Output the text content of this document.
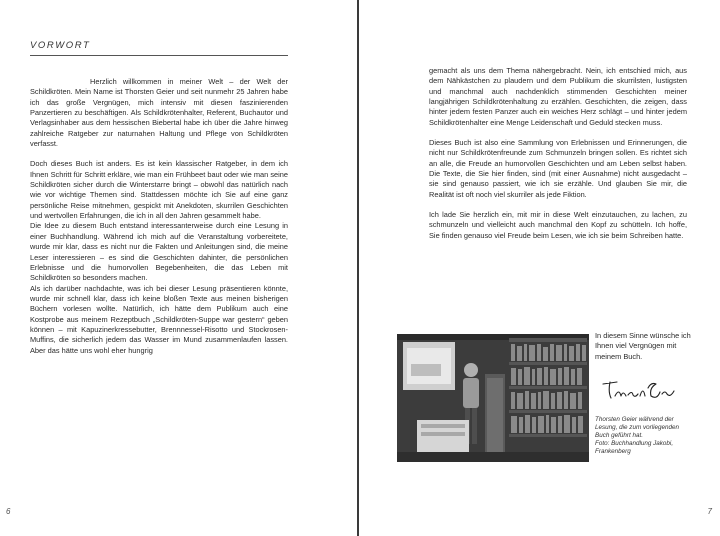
VORWORT

Herzlich willkommen in meiner Welt – der Welt der Schildkröten. Mein Name ist Thorsten Geier und seit nunmehr 25 Jahren habe ich das große Vergnügen, mich intensiv mit diesen faszinierenden Panzertieren zu beschäftigen. Als Schildkrötenhalter, Referent, Buchautor und Verlagsinhaber aus dem hessischen Biebertal habe ich über die Jahre hinweg zahlreiche Ratgeber zur naturnahen Haltung und Pflege von Schildkröten verfasst.

Doch dieses Buch ist anders. Es ist kein klassischer Ratgeber, in dem ich Ihnen Schritt für Schritt erkläre, wie man ein Frühbeet baut oder wie man seine Schildkröten sicher durch die Winterstarre bringt – obwohl das natürlich nach wie vor wichtige Themen sind. Stattdessen möchte ich Sie auf eine ganz persönliche Reise mitnehmen, gespickt mit Anekdoten, skurrilen Geschichten und wertvollen Erfahrungen, die ich in all den Jahren gesammelt habe.

Die Idee zu diesem Buch entstand interessanterweise durch eine Lesung in einer Buchhandlung. Während ich mich auf die Veranstaltung vorbereitete, wurde mir klar, dass es nicht nur die Fakten und Anleitungen sind, die meine Leser interessieren – es sind die Geschichten dahinter, die persönlichen Erlebnisse und die humorvollen Begebenheiten, die das Leben mit Schildkröten so besonders machen.

Als ich darüber nachdachte, was ich bei dieser Lesung präsentieren könnte, wurde mir schnell klar, dass ich keine bloßen Texte aus meinen bisherigen Büchern vorlesen wollte. Natürlich, ich hätte dem Publikum auch eine Kostprobe aus meinem Rezeptbuch „Schildkröten-Suppe war gestern“ geben können – mit Kapuzinerkressebutter, Brennnessel-Risotto und Stockrosen-Muffins, die sicherlich jedem das Wasser im Mund zusammenlaufen lassen. Aber das hätte uns wohl eher hungrig

6

gemacht als uns dem Thema nähergebracht. Nein, ich entschied mich, aus dem Nähkästchen zu plaudern und dem Publikum die skurrilsten, lustigsten und manchmal auch nachdenklich stimmenden Geschichten meiner langjährigen Schildkrötenhaltung zu erzählen. Geschichten, die zeigen, dass hinter jedem festen Panzer auch ein weiches Herz schlägt – und hinter jedem Schildkrötenhalter eine Menge Leidenschaft und Geduld stecken muss.

Dieses Buch ist also eine Sammlung von Erlebnissen und Erinnerungen, die nicht nur Schildkrötenfreunde zum Schmunzeln bringen sollen. Es richtet sich an alle, die Freude an humorvollen Geschichten und am Leben selbst haben. Die Texte, die Sie hier finden, sind (mit einer Ausnahme) nicht ausgedacht – sie sind genauso passiert, wie ich sie erzähle. Und glauben Sie mir, die Realität ist oft noch viel skurriler als jede Fiktion.

Ich lade Sie herzlich ein, mit mir in diese Welt einzutauchen, zu lachen, zu schmunzeln und vielleicht auch manchmal den Kopf zu schütteln. Ich hoffe, Sie finden genauso viel Freude beim Lesen, wie ich sie beim Schreiben hatte.

In diesem Sinne wünsche ich Ihnen viel Vergnügen mit meinem Buch.
Thorsten Geier während der Lesung, die zum vorliegenden Buch geführt hat.
Foto: Buchhandlung Jakobi, Frankenberg
7
